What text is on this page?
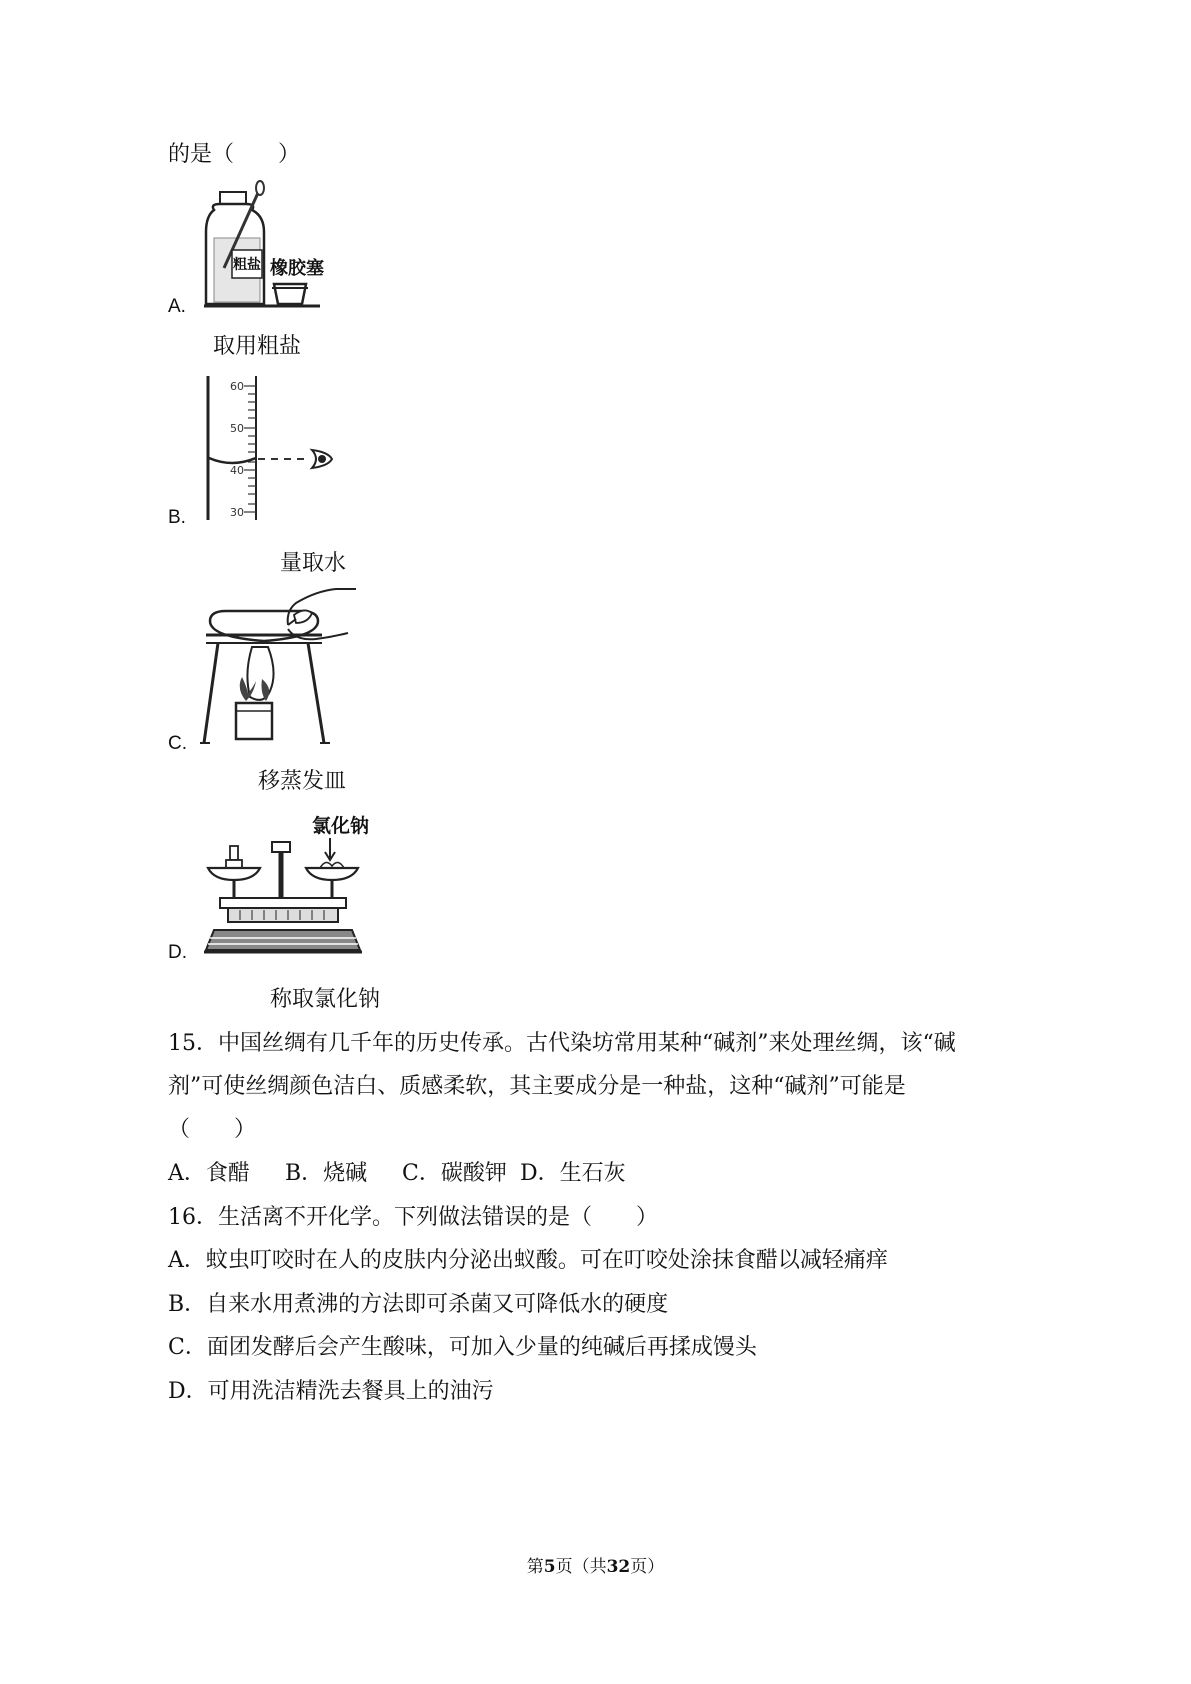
的是（　　）
A.
粗盐 橡胶塞
取用粗盐
B.
60
50
40
30
量取水
C.
移蒸发皿
D.
氯化钠
称取氯化钠
15．中国丝绸有几千年的历史传承。古代染坊常用某种“碱剂”来处理丝绸，该“碱
剂”可使丝绸颜色洁白、质感柔软，其主要成分是一种盐，这种“碱剂”可能是
（　　）
A．食醋 B．烧碱 C．碳酸钾 D．生石灰
16．生活离不开化学。下列做法错误的是（　　）
A．蚊虫叮咬时在人的皮肤内分泌出蚁酸。可在叮咬处涂抹食醋以减轻痛痒
B．自来水用煮沸的方法即可杀菌又可降低水的硬度
C．面团发酵后会产生酸味，可加入少量的纯碱后再揉成馒头
D．可用洗洁精洗去餐具上的油污
第5页（共32页）
